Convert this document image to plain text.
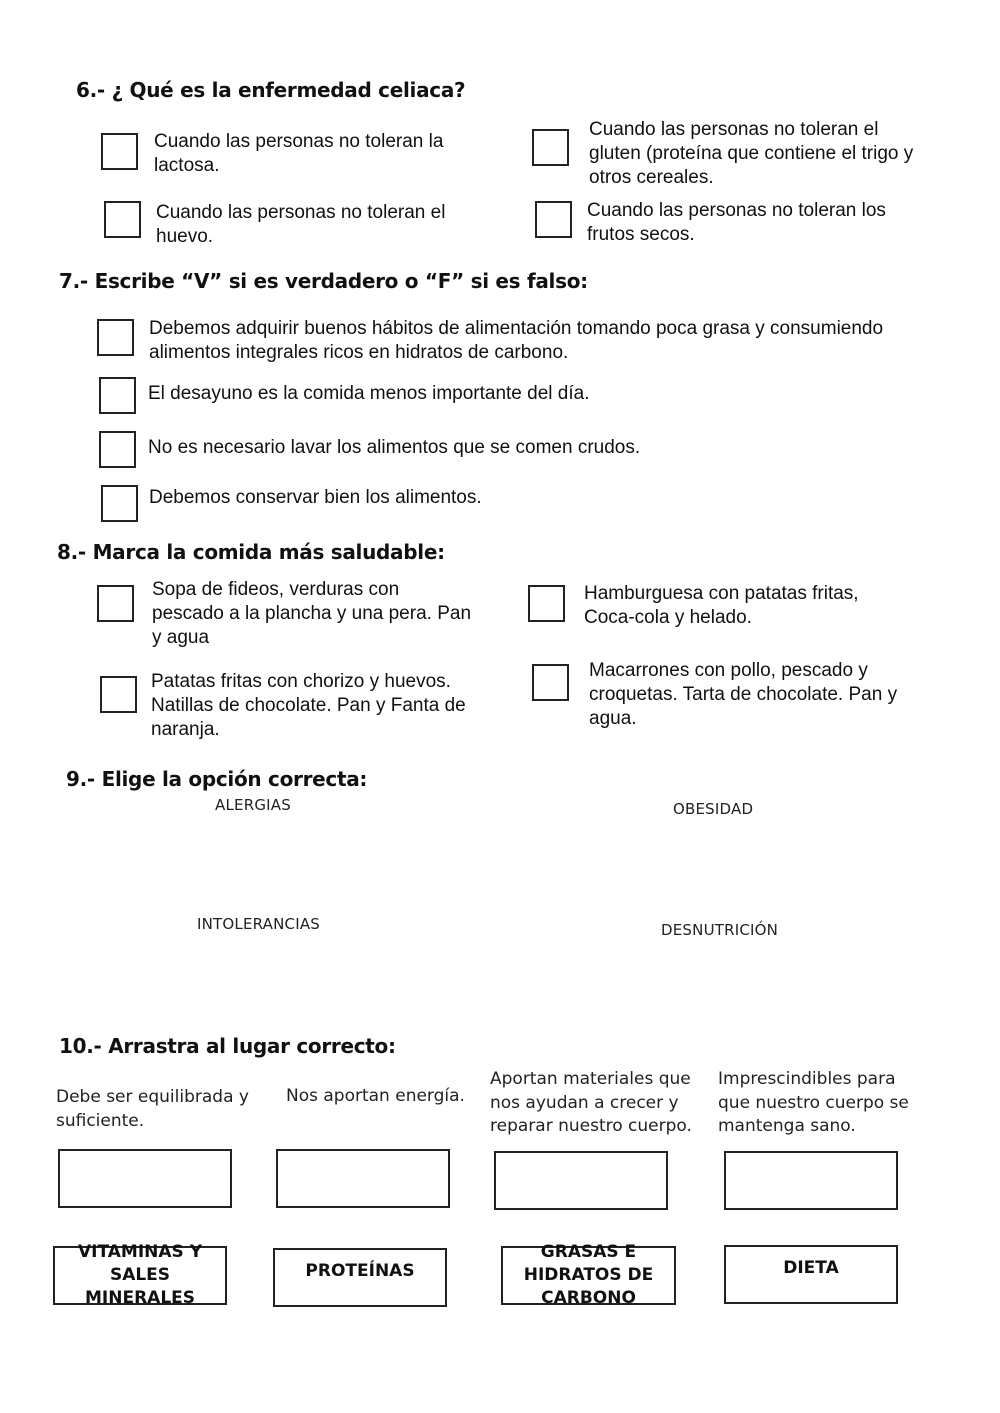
6.- ¿ Qué es la enfermedad celiaca?
Cuando las personas no toleran la lactosa.
Cuando las personas no toleran el gluten (proteína que contiene el trigo y otros cereales.
Cuando las personas no toleran el huevo.
Cuando las personas no toleran los frutos secos.
7.- Escribe “V” si es verdadero o “F” si es falso:
Debemos adquirir buenos hábitos de alimentación tomando poca grasa y consumiendo alimentos integrales ricos en hidratos de carbono.
El desayuno es la comida menos importante del día.
No es necesario lavar los alimentos que se comen crudos.
Debemos conservar bien los alimentos.
8.- Marca la comida más saludable:
Sopa de fideos, verduras con pescado a la plancha y una pera. Pan y agua
Hamburguesa con patatas fritas, Coca-cola y helado.
Patatas fritas con chorizo y huevos. Natillas de chocolate. Pan y Fanta de naranja.
Macarrones con pollo, pescado y croquetas. Tarta de chocolate. Pan y agua.
9.- Elige la opción correcta:
ALERGIAS	OBESIDAD
INTOLERANCIAS	DESNUTRICIÓN
10.- Arrastra al lugar correcto:
Debe ser equilibrada y suficiente.
Nos aportan energía.
Aportan materiales que nos ayudan a crecer y reparar nuestro cuerpo.
Imprescindibles para que nuestro cuerpo se mantenga sano.
VITAMINAS Y SALES MINERALES
PROTEÍNAS
GRASAS E HIDRATOS DE CARBONO
DIETA
